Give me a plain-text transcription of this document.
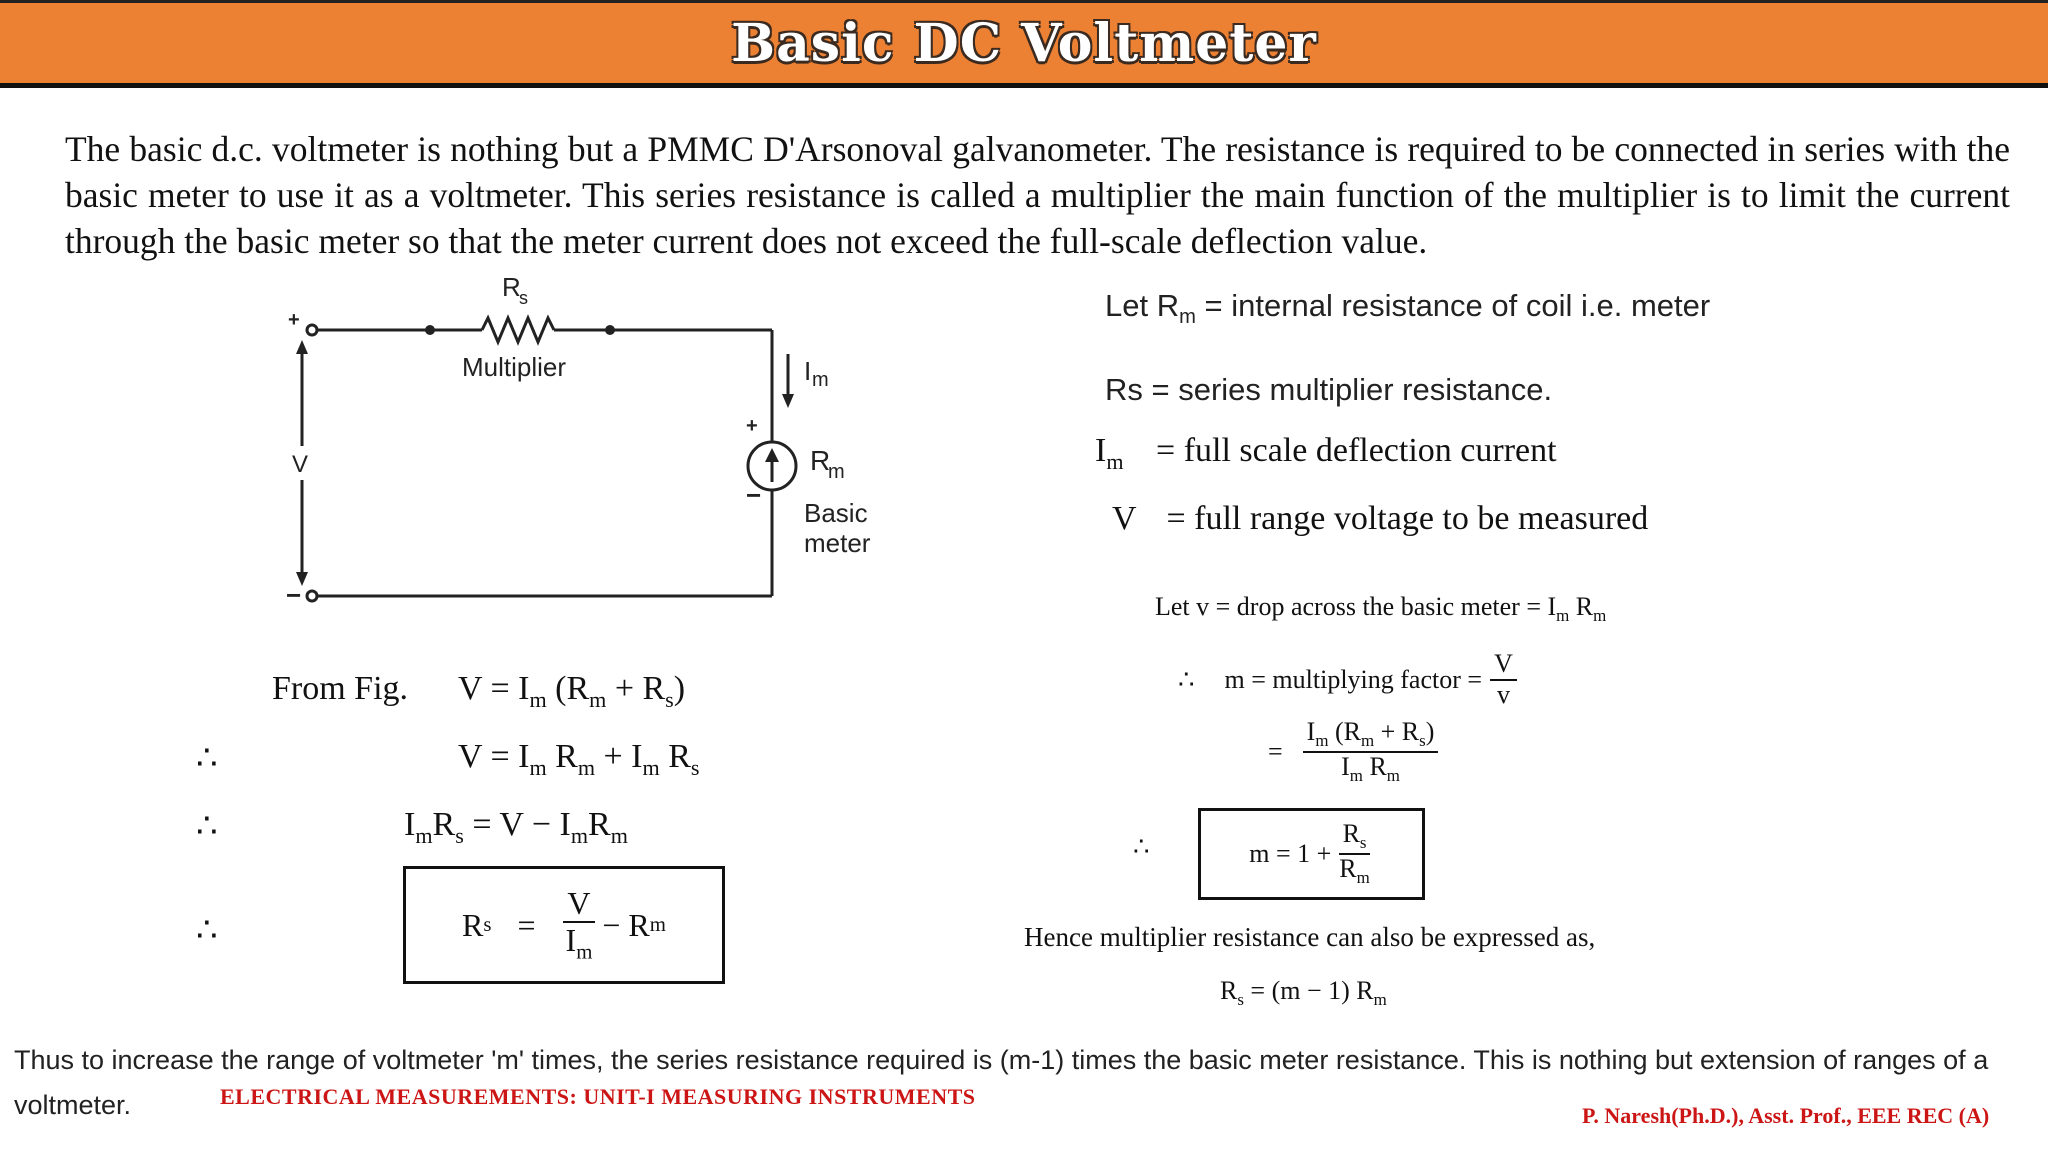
Basic DC Voltmeter

The basic d.c. voltmeter is nothing but a PMMC D'Arsonoval galvanometer. The resistance is required to be connected in series with the basic meter to use it as a voltmeter. This series resistance is called a multiplier the main function of the multiplier is to limit the current through the basic meter so that the meter current does not exceed the full-scale deflection value.

+
−
V
R
s
Multiplier	I m
+
−
R
m
Basic
meter
Let $R_m$ = internal resistance of coil i.e. meter
Rs = series multiplier resistance.
$I_m$ = full scale deflection current
V = full range voltage to be measured
Let v = drop across the basic meter = $I_m$ $R_m$
∴ m = multiplying factor = $\frac{V}{v}$
= $\frac{I_m (R_m + R_s)}{I_m R_m}$
∴	$m = 1 + \frac{R_s}{R_m}$
Hence multiplier resistance can also be expressed as,
$R_s = (m - 1)$ $R_m$
From Fig. $V = I_m$ $(R_m + R_s)$
∴	$V = I_m$ $R_m + I_m$ $R_s$
∴	$I_mR_s = V - I_mR_m$
∴	R $s = \frac{V}{I_m} - R$ m

Thus to increase the range of voltmeter 'm' times, the series resistance required is (m-1) times the basic meter resistance. This is nothing but extension of ranges of a voltmeter.	ELECTRICAL MEASUREMENTS: UNIT-I MEASURING INSTRUMENTS
P. Naresh(Ph.D.), Asst. Prof., EEE REC (A)
